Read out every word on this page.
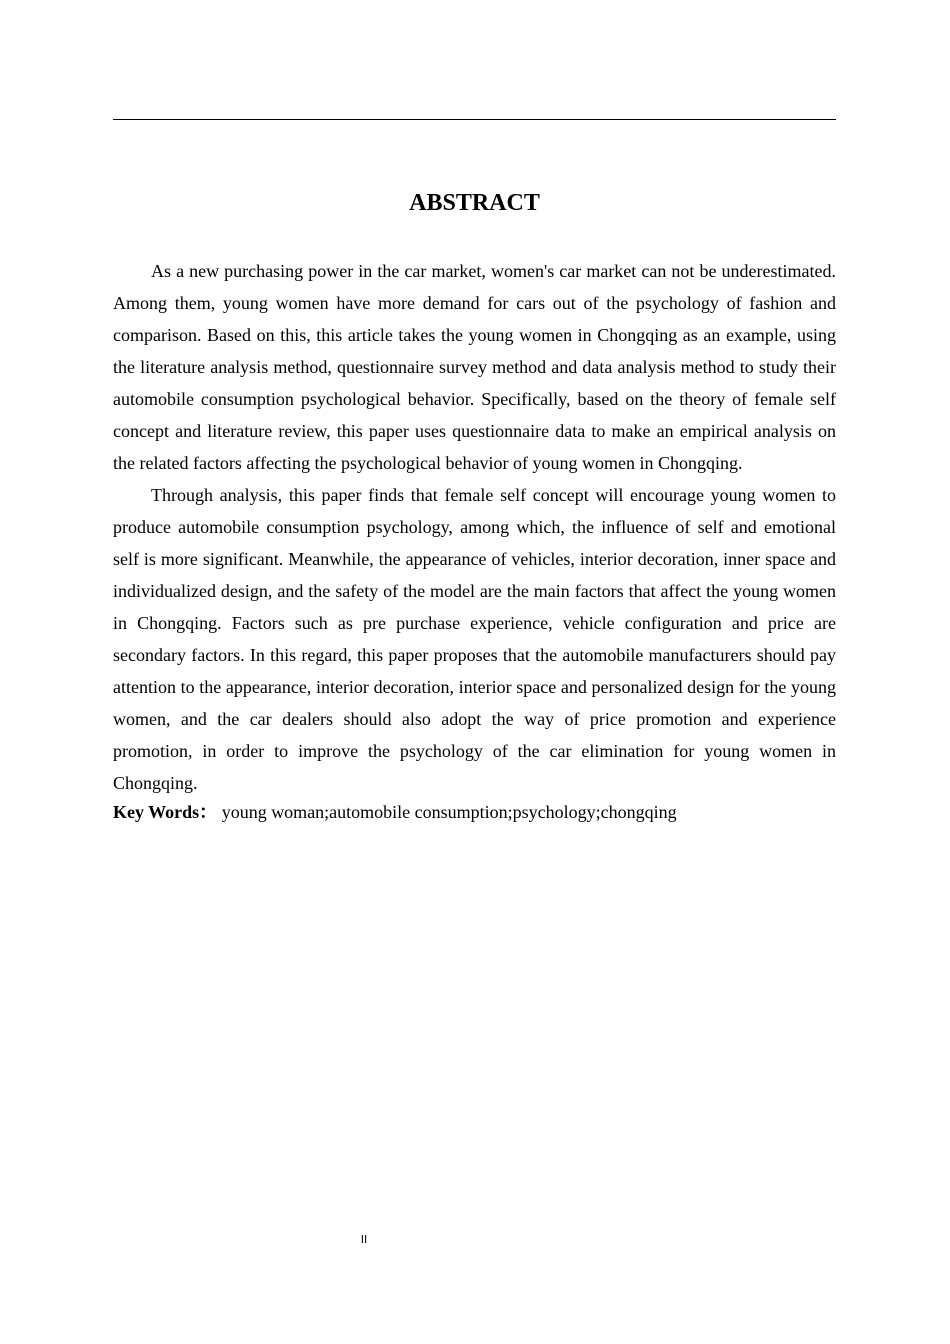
ABSTRACT

As a new purchasing power in the car market, women's car market can not be underestimated. Among them, young women have more demand for cars out of the psychology of fashion and comparison. Based on this, this article takes the young women in Chongqing as an example, using the literature analysis method, questionnaire survey method and data analysis method to study their automobile consumption psychological behavior. Specifically, based on the theory of female self concept and literature review, this paper uses questionnaire data to make an empirical analysis on the related factors affecting the psychological behavior of young women in Chongqing.

Through analysis, this paper finds that female self concept will encourage young women to produce automobile consumption psychology, among which, the influence of self and emotional self is more significant. Meanwhile, the appearance of vehicles, interior decoration, inner space and individualized design, and the safety of the model are the main factors that affect the young women in Chongqing. Factors such as pre purchase experience, vehicle configuration and price are secondary factors. In this regard, this paper proposes that the automobile manufacturers should pay attention to the appearance, interior decoration, interior space and personalized design for the young women, and the car dealers should also adopt the way of price promotion and experience promotion, in order to improve the psychology of the car elimination for young women in Chongqing.

Key Words： young woman;automobile consumption;psychology;chongqing

II
